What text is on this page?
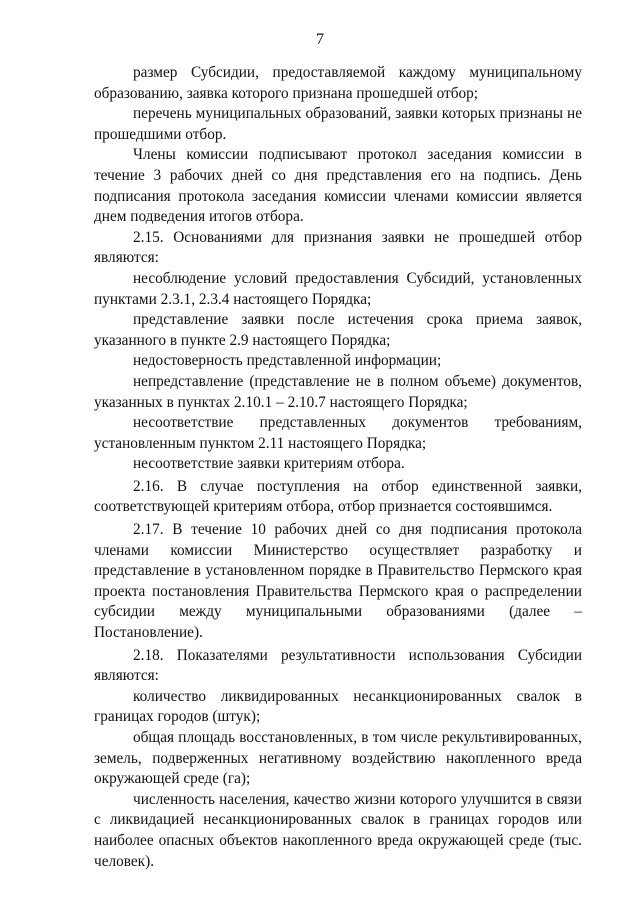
7

размер Субсидии, предоставляемой каждому муниципальному образованию, заявка которого признана прошедшей отбор;

перечень муниципальных образований, заявки которых признаны не прошедшими отбор.

Члены комиссии подписывают протокол заседания комиссии в течение 3 рабочих дней со дня представления его на подпись. День подписания протокола заседания комиссии членами комиссии является днем подведения итогов отбора.

2.15. Основаниями для признания заявки не прошедшей отбор являются:

несоблюдение условий предоставления Субсидий, установленных пунктами 2.3.1, 2.3.4 настоящего Порядка;

представление заявки после истечения срока приема заявок, указанного в пункте 2.9 настоящего Порядка;

недостоверность представленной информации;

непредставление (представление не в полном объеме) документов, указанных в пунктах 2.10.1 – 2.10.7 настоящего Порядка;

несоответствие представленных документов требованиям, установленным пунктом 2.11 настоящего Порядка;

несоответствие заявки критериям отбора.

2.16. В случае поступления на отбор единственной заявки, соответствующей критериям отбора, отбор признается состоявшимся.

2.17. В течение 10 рабочих дней со дня подписания протокола членами комиссии Министерство осуществляет разработку и представление в установленном порядке в Правительство Пермского края проекта постановления Правительства Пермского края о распределении субсидии между муниципальными образованиями (далее – Постановление).

2.18. Показателями результативности использования Субсидии являются:

количество ликвидированных несанкционированных свалок в границах городов (штук);

общая площадь восстановленных, в том числе рекультивированных, земель, подверженных негативному воздействию накопленного вреда окружающей среде (га);

численность населения, качество жизни которого улучшится в связи с ликвидацией несанкционированных свалок в границах городов или наиболее опасных объектов накопленного вреда окружающей среде (тыс. человек).
